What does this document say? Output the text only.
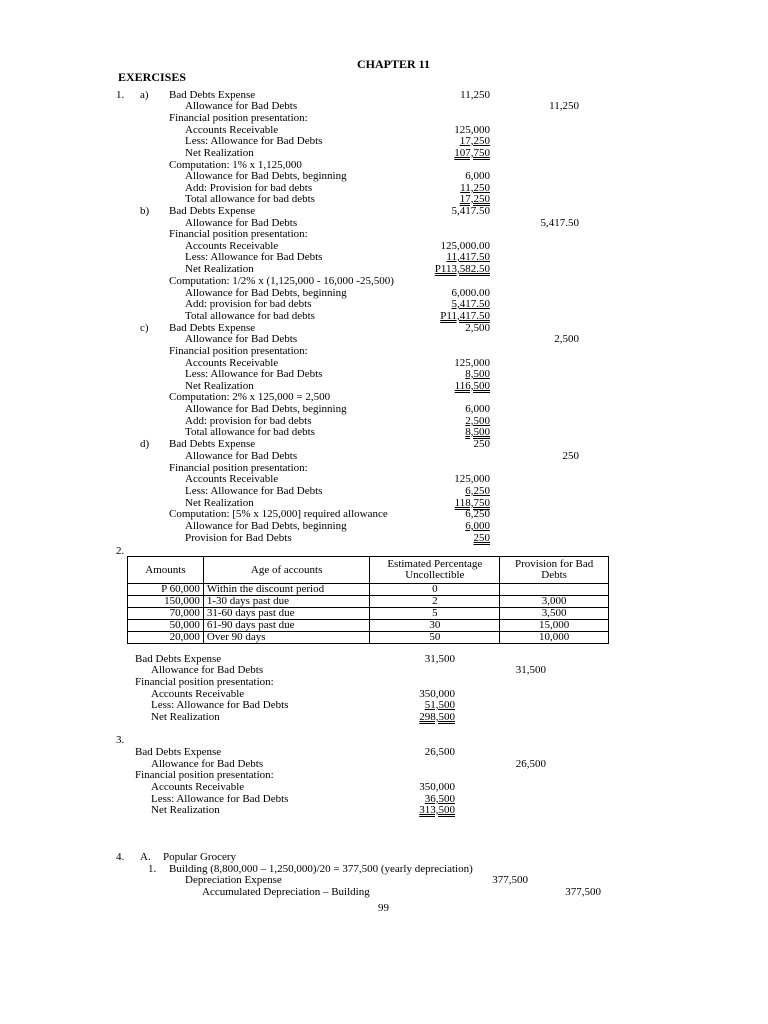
CHAPTER 11
EXERCISES
1. a) Bad Debts Expense	11,250
Allowance for Bad Debts	11,250
Financial position presentation:
Accounts Receivable	125,000
Less: Allowance for Bad Debts	17,250
Net Realization	107,750
Computation: 1% x 1,125,000
Allowance for Bad Debts, beginning	6,000
Add: Provision for bad debts	11,250
Total allowance for bad debts	17,250
b) Bad Debts Expense	5,417.50
Allowance for Bad Debts	5,417.50
Financial position presentation:
Accounts Receivable	125,000.00
Less: Allowance for Bad Debts	11,417.50
Net Realization	P113,582.50
Computation: 1/2% x (1,125,000 - 16,000 -25,500)
Allowance for Bad Debts, beginning	6,000.00
Add: provision for bad debts	5,417.50
Total allowance for bad debts	P11,417.50
c) Bad Debts Expense	2,500
Allowance for Bad Debts	2,500
Financial position presentation:
Accounts Receivable	125,000
Less: Allowance for Bad Debts	8,500
Net Realization	116,500
Computation: 2% x 125,000 = 2,500
Allowance for Bad Debts, beginning	6,000
Add: provision for bad debts	2,500
Total allowance for bad debts	8,500
d) Bad Debts Expense	250
Allowance for Bad Debts	250
Financial position presentation:
Accounts Receivable	125,000
Less: Allowance for Bad Debts	6,250
Net Realization	118,750
Computation: [5% x 125,000] required allowance	6,250
Allowance for Bad Debts, beginning	6,000
Provision for Bad Debts	250
2.
Amounts	Age of accounts	Estimated Percentage Uncollectible	Provision for Bad Debts
P 60,000	Within the discount period	0	
150,000	1-30 days past due	2	3,000
70,000	31-60 days past due	5	3,500
50,000	61-90 days past due	30	15,000
20,000	Over 90 days	50	10,000
Bad Debts Expense	31,500
Allowance for Bad Debts	31,500
Financial position presentation:
Accounts Receivable	350,000
Less: Allowance for Bad Debts	51,500
Net Realization	298,500
3.
Bad Debts Expense	26,500
Allowance for Bad Debts	26,500
Financial position presentation:
Accounts Receivable	350,000
Less: Allowance for Bad Debts	36,500
Net Realization	313,500
4. A. Popular Grocery
1. Building (8,800,000 – 1,250,000)/20 = 377,500 (yearly depreciation)
Depreciation Expense	377,500
Accumulated Depreciation – Building	377,500
99
